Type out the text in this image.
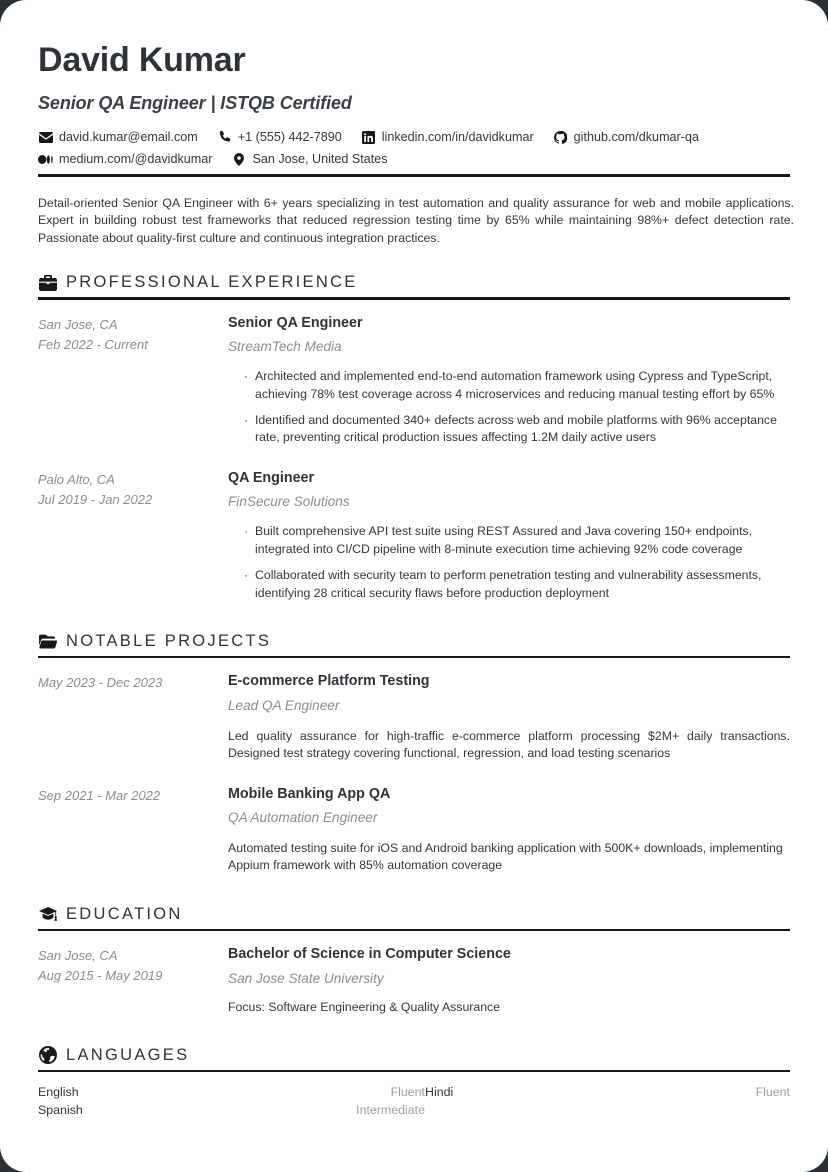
David Kumar
Senior QA Engineer | ISTQB Certified
david.kumar@email.com	+1 (555) 442-7890	linkedin.com/in/davidkumar	github.com/dkumar-qa
medium.com/@davidkumar	San Jose, United States
Detail-oriented Senior QA Engineer with 6+ years specializing in test automation and quality assurance for web and mobile applications. Expert in building robust test frameworks that reduced regression testing time by 65% while maintaining 98%+ defect detection rate. Passionate about quality-first culture and continuous integration practices.
PROFESSIONAL EXPERIENCE
San Jose, CA
Feb 2022 - Current
Senior QA Engineer
StreamTech Media
· Architected and implemented end-to-end automation framework using Cypress and TypeScript, achieving 78% test coverage across 4 microservices and reducing manual testing effort by 65%
· Identified and documented 340+ defects across web and mobile platforms with 96% acceptance rate, preventing critical production issues affecting 1.2M daily active users
Palo Alto, CA
Jul 2019 - Jan 2022
QA Engineer
FinSecure Solutions
· Built comprehensive API test suite using REST Assured and Java covering 150+ endpoints, integrated into CI/CD pipeline with 8-minute execution time achieving 92% code coverage
· Collaborated with security team to perform penetration testing and vulnerability assessments, identifying 28 critical security flaws before production deployment
NOTABLE PROJECTS
May 2023 - Dec 2023	E-commerce Platform Testing
Lead QA Engineer
Led quality assurance for high-traffic e-commerce platform processing $2M+ daily transactions. Designed test strategy covering functional, regression, and load testing scenarios
Sep 2021 - Mar 2022	Mobile Banking App QA
QA Automation Engineer
Automated testing suite for iOS and Android banking application with 500K+ downloads, implementing Appium framework with 85% automation coverage
EDUCATION
San Jose, CA
Aug 2015 - May 2019
Bachelor of Science in Computer Science
San Jose State University
Focus: Software Engineering & Quality Assurance
LANGUAGES
English	Fluent Hindi	Fluent
Spanish	Intermediate
